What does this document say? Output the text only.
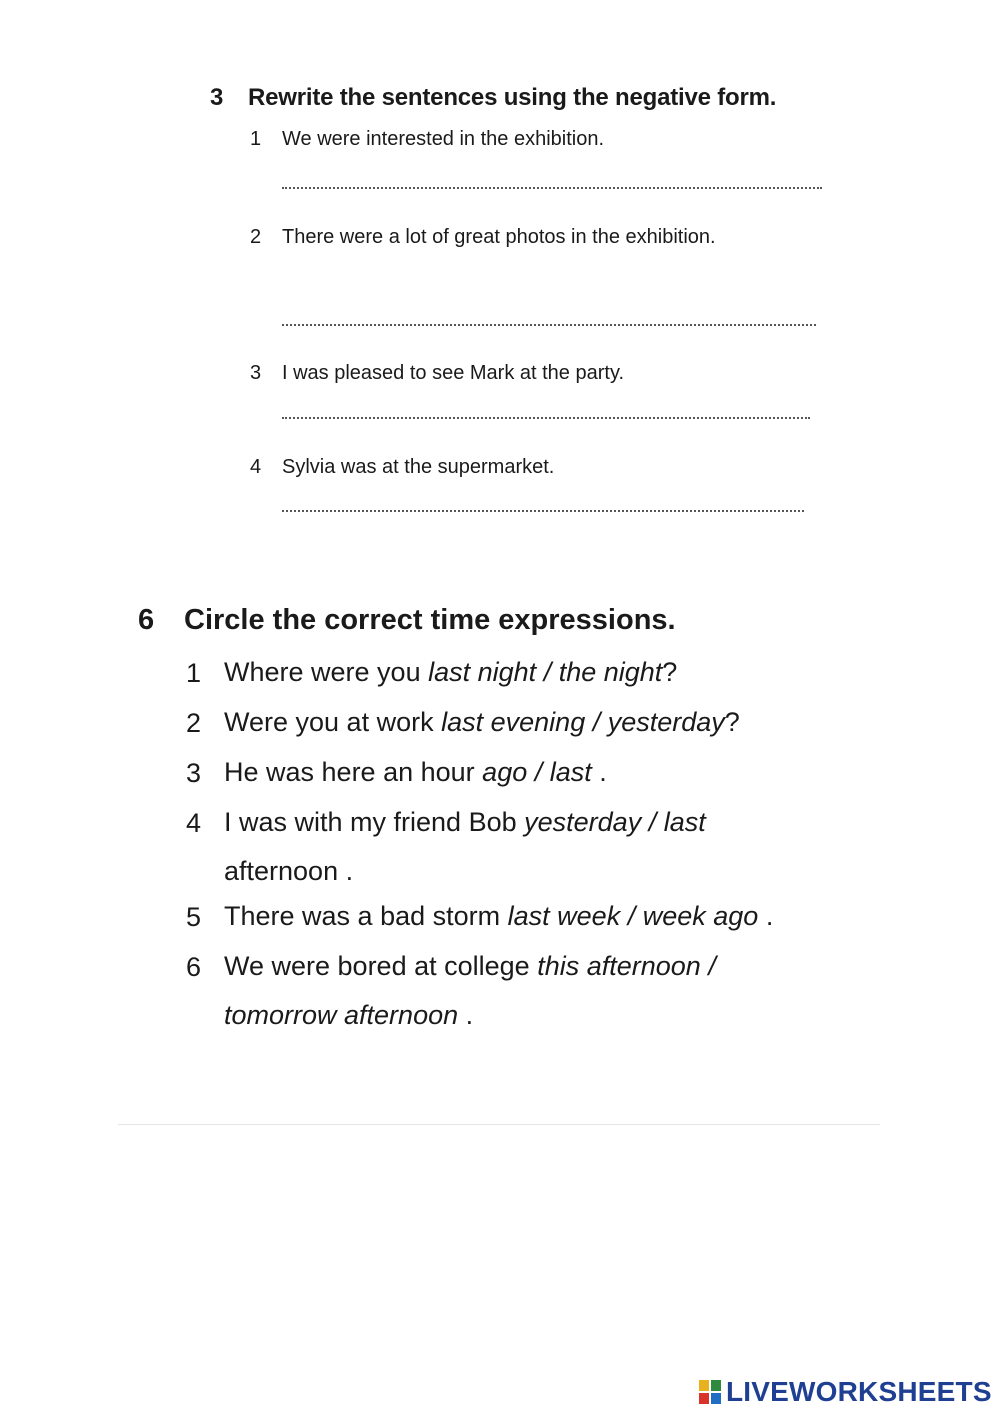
3 Rewrite the sentences using the negative form.
1 We were interested in the exhibition.
2 There were a lot of great photos in the exhibition.
3 I was pleased to see Mark at the party.
4 Sylvia was at the supermarket.
6 Circle the correct time expressions.
1 Where were you last night / the night?
2 Were you at work last evening / yesterday?
3 He was here an hour ago / last .
4 I was with my friend Bob yesterday / last afternoon .
5 There was a bad storm last week / week ago .
6 We were bored at college this afternoon / tomorrow afternoon .
LIVEWORKSHEETS
